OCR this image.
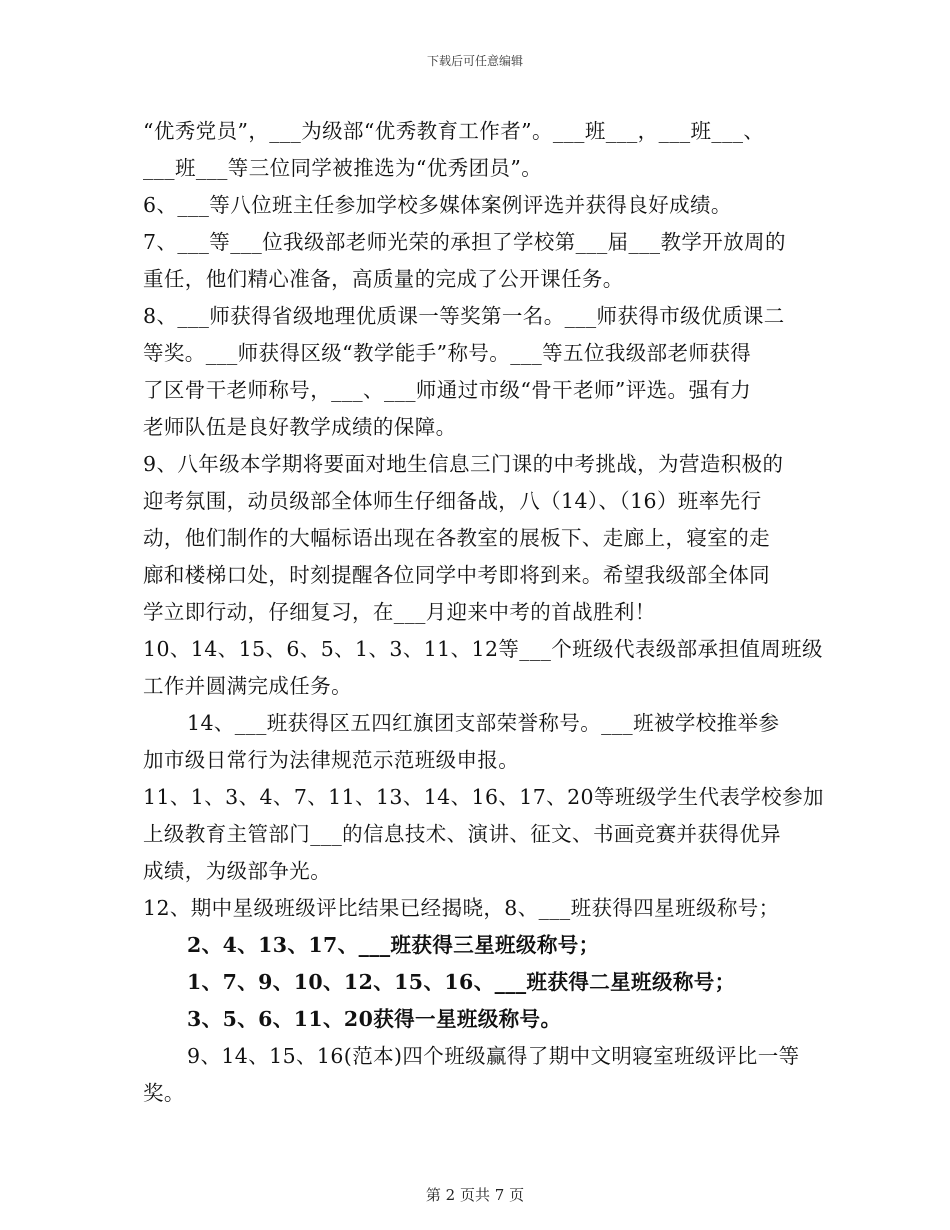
下载后可任意编辑
“优秀党员”，___为级部“优秀教育工作者”。___班___，___班___、
___班___等三位同学被推选为“优秀团员”。
6、___等八位班主任参加学校多媒体案例评选并获得良好成绩。
7、___等___位我级部老师光荣的承担了学校第___届___教学开放周的
重任，他们精心准备，高质量的完成了公开课任务。
8、___师获得省级地理优质课一等奖第一名。___师获得市级优质课二
等奖。___师获得区级“教学能手”称号。___等五位我级部老师获得
了区骨干老师称号，___、___师通过市级“骨干老师”评选。强有力
老师队伍是良好教学成绩的保障。
9、八年级本学期将要面对地生信息三门课的中考挑战，为营造积极的
迎考氛围，动员级部全体师生仔细备战，八（14）、（16）班率先行
动，他们制作的大幅标语出现在各教室的展板下、走廊上，寝室的走
廊和楼梯口处，时刻提醒各位同学中考即将到来。希望我级部全体同
学立即行动，仔细复习，在___月迎来中考的首战胜利！
10、14、15、6、5、1、3、11、12等___个班级代表级部承担值周班级
工作并圆满完成任务。
14、___班获得区五四红旗团支部荣誉称号。___班被学校推举参
加市级日常行为法律规范示范班级申报。
11、1、3、4、7、11、13、14、16、17、20等班级学生代表学校参加
上级教育主管部门___的信息技术、演讲、征文、书画竞赛并获得优异
成绩，为级部争光。
12、期中星级班级评比结果已经揭晓，8、___班获得四星班级称号；
2、4、13、17、___班获得三星班级称号；
1、7、9、10、12、15、16、___班获得二星班级称号；
3、5、6、11、20获得一星班级称号。
9、14、15、16(范本)四个班级赢得了期中文明寝室班级评比一等
奖。
第 2 页共 7 页
